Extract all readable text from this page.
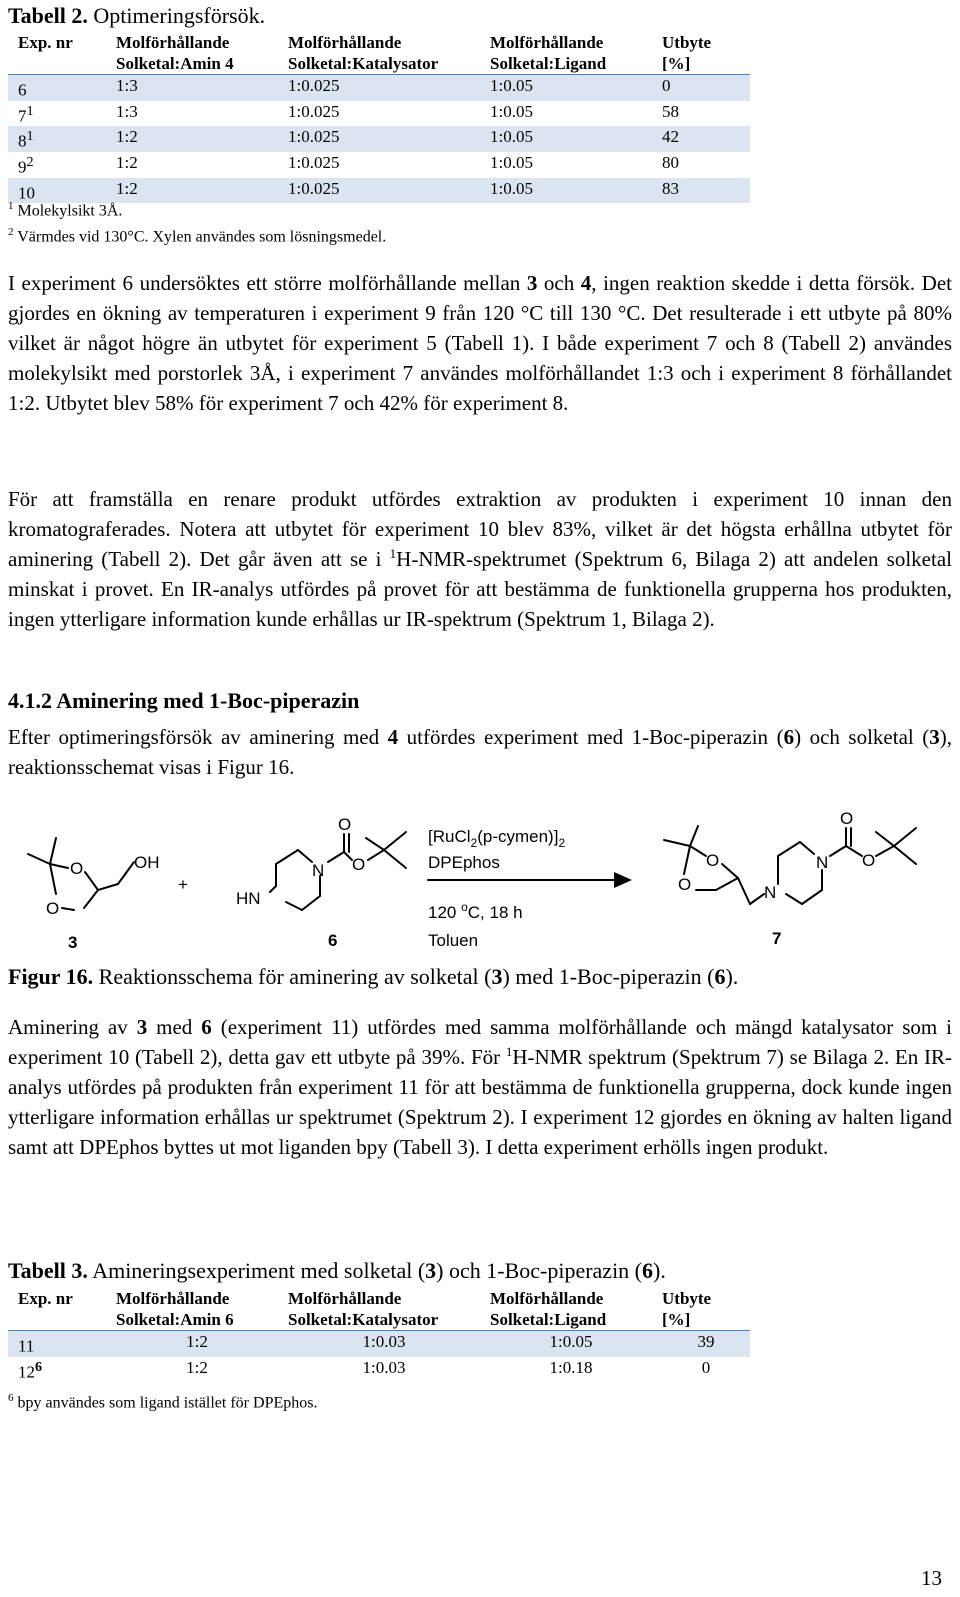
Tabell 2. Optimeringsförsök.
Exp. nr	Molförhållande	Molförhållande	Molförhållande	Utbyte
	Solketal:Amin 4	Solketal:Katalysator	Solketal:Ligand	[%]
6	1:3	1:0.025	1:0.05	0
$7^1$	1:3	1:0.025	1:0.05	58
$8^1$	1:2	1:0.025	1:0.05	42
$9^2$	1:2	1:0.025	1:0.05	80
10	1:2	1:0.025	1:0.05	83
$^1$ Molekylsikt 3Å.
$^2$ Värmdes vid 130°C. Xylen användes som lösningsmedel.
I experiment 6 undersöktes ett större molförhållande mellan 3 och 4, ingen reaktion skedde i detta försök. Det gjordes en ökning av temperaturen i experiment 9 från 120 °C till 130 °C. Det resulterade i ett utbyte på 80% vilket är något högre än utbytet för experiment 5 (Tabell 1). I både experiment 7 och 8 (Tabell 2) användes molekylsikt med porstorlek 3Å, i experiment 7 användes molförhållandet 1:3 och i experiment 8 förhållandet 1:2. Utbytet blev 58% för experiment 7 och 42% för experiment 8.
För att framställa en renare produkt utfördes extraktion av produkten i experiment 10 innan den kromatograferades. Notera att utbytet för experiment 10 blev 83%, vilket är det högsta erhållna utbytet för aminering (Tabell 2). Det går även att se i $^1$H-NMR-spektrumet (Spektrum 6, Bilaga 2) att andelen solketal minskat i provet. En IR-analys utfördes på provet för att bestämma de funktionella grupperna hos produkten, ingen ytterligare information kunde erhållas ur IR-spektrum (Spektrum 1, Bilaga 2).
4.1.2 Aminering med 1-Boc-piperazin
Efter optimeringsförsök av aminering med 4 utfördes experiment med 1-Boc-piperazin (6) och solketal (3), reaktionsschemat visas i Figur 16.
O
O
OH	N
HN
O
O
O
O	N
N O
O
+
$[RuCl_2(p-cymen)]_2$
DPEphos
120 $^o$C, 18 h
Toluen
3	6	7
Figur 16. Reaktionsschema för aminering av solketal (3) med 1-Boc-piperazin (6).
Aminering av 3 med 6 (experiment 11) utfördes med samma molförhållande och mängd katalysator som i experiment 10 (Tabell 2), detta gav ett utbyte på 39%. För $^1$H-NMR spektrum (Spektrum 7) se Bilaga 2. En IR-analys utfördes på produkten från experiment 11 för att bestämma de funktionella grupperna, dock kunde ingen ytterligare information erhållas ur spektrumet (Spektrum 2). I experiment 12 gjordes en ökning av halten ligand samt att DPEphos byttes ut mot liganden bpy (Tabell 3). I detta experiment erhölls ingen produkt.
Tabell 3. Amineringsexperiment med solketal (3) och 1-Boc-piperazin (6).
Exp. nr	Molförhållande	Molförhållande	Molförhållande	Utbyte
	Solketal:Amin 6	Solketal:Katalysator	Solketal:Ligand	[%]
11	1:2	1:0.03	1:0.05	39
$12^6$	1:2	1:0.03	1:0.18	0
$^6$ bpy användes som ligand istället för DPEphos.
13
